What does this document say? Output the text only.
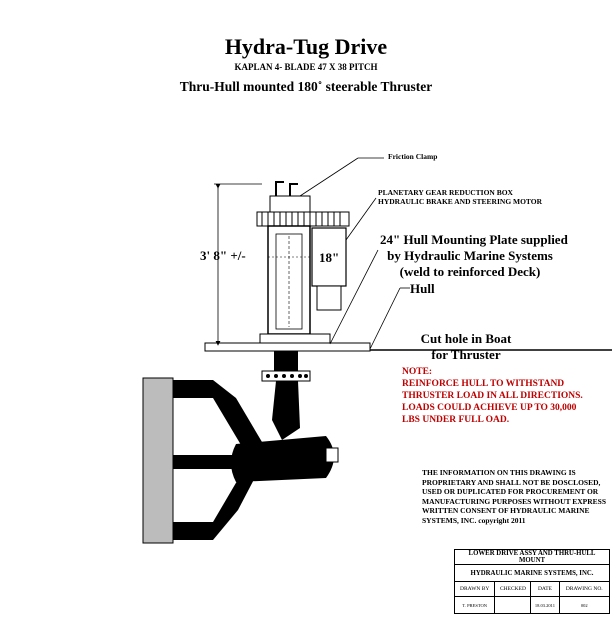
Hydra-Tug Drive
KAPLAN 4- BLADE 47 X 38 PITCH
Thru-Hull mounted 180˚ steerable Thruster
Friction Clamp
PLANETARY GEAR REDUCTION BOX
HYDRAULIC BRAKE AND STEERING MOTOR
3' 8" +/-	18"
24" Hull Mounting Plate supplied
by Hydraulic Marine Systems
(weld to reinforced Deck)
Hull
Cut hole in Boat
for Thruster
NOTE:
REINFORCE HULL TO WITHSTAND
THRUSTER LOAD IN ALL DIRECTIONS.
LOADS COULD ACHIEVE UP TO 30,000
LBS UNDER FULL OAD.
THE INFORMATION ON THIS DRAWING IS
PROPRIETARY AND SHALL NOT BE DOSCLOSED,
USED OR DUPLICATED FOR PROCUREMENT OR
MANUFACTURING PURPOSES WITHOUT EXPRESS
WRITTEN CONSENT OF HYDRAULIC MARINE
SYSTEMS, INC. copyright 2011
LOWER DRIVE ASSY AND THRU-HULL MOUNT			
HYDRAULIC MARINE SYSTEMS, INC.			
DRAWN BY	CHECKED	DATE	DRAWING NO.
T. PRESTON		18.03.2011	002
